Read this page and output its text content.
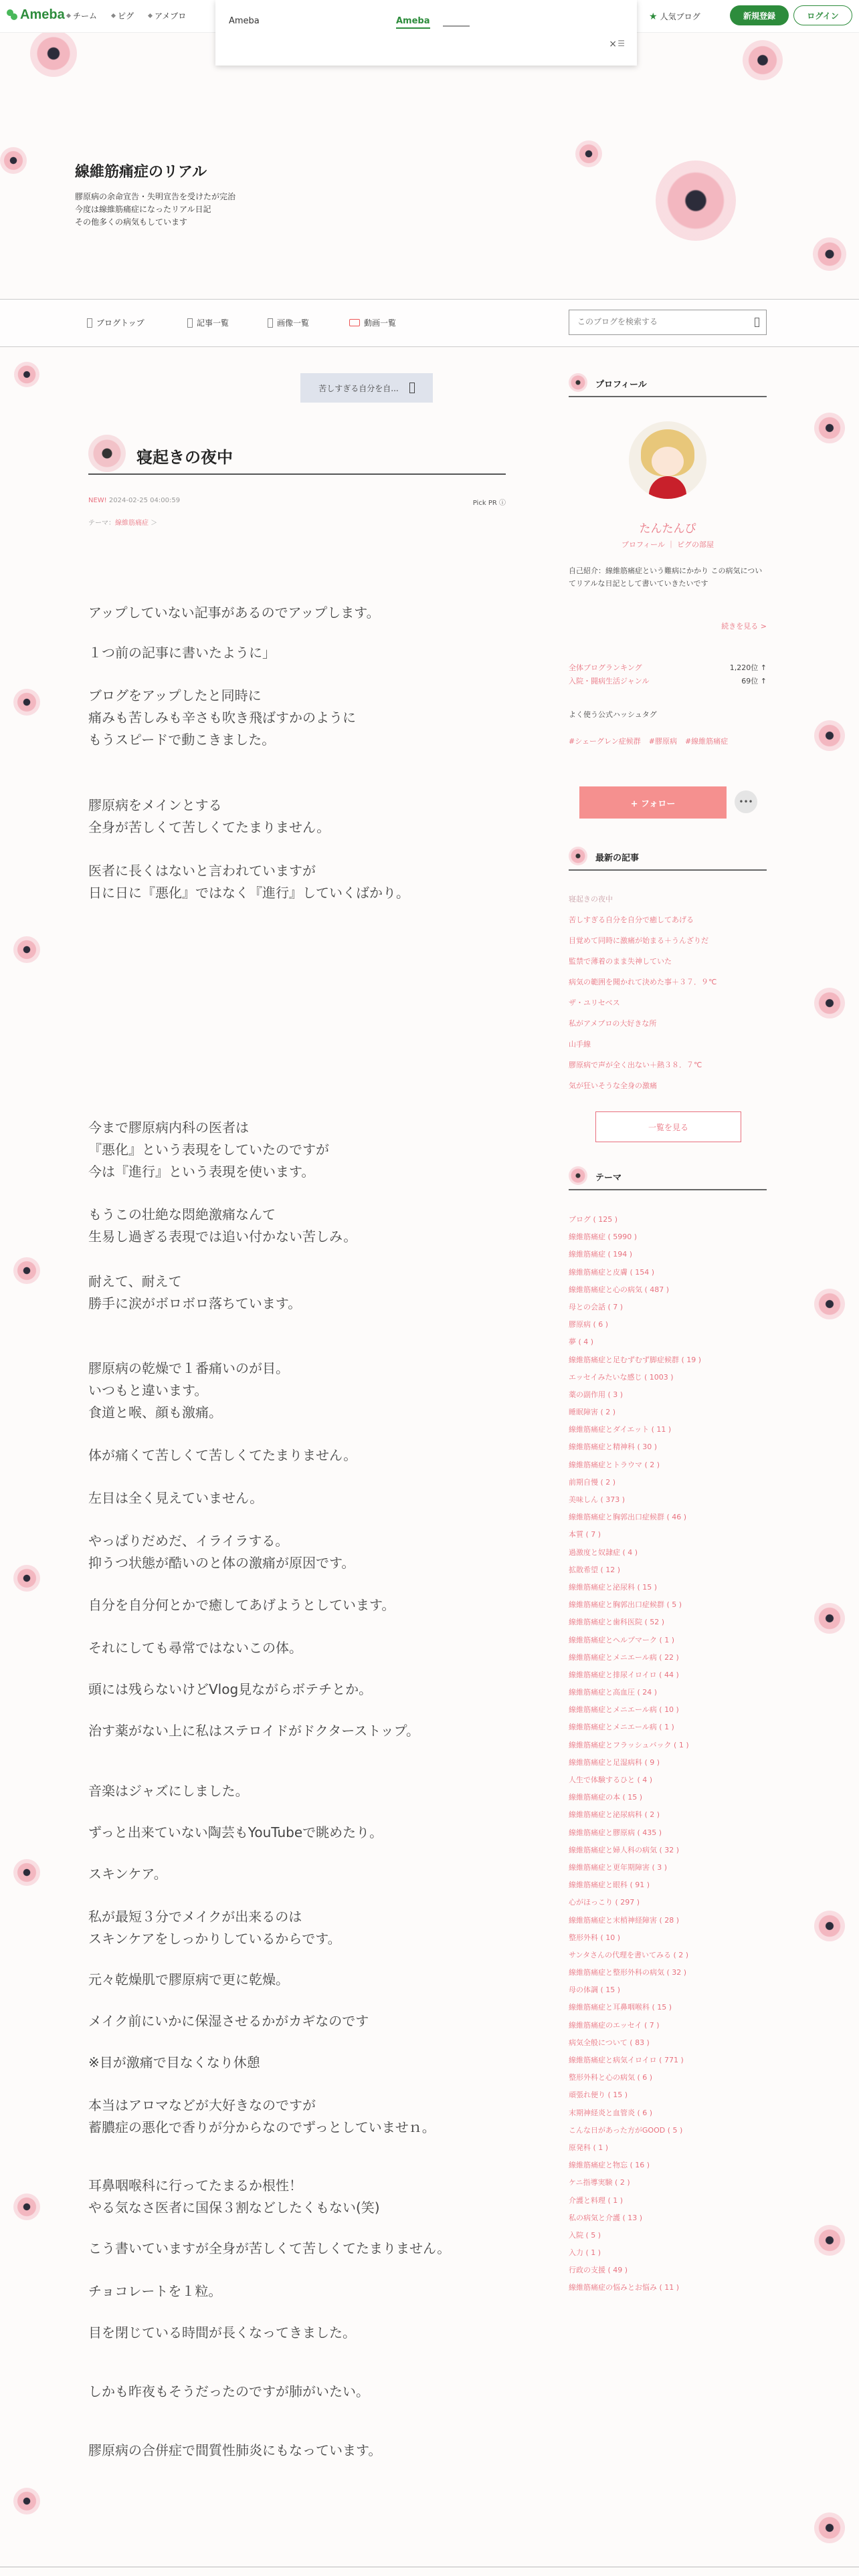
Ameba チーム	ピグ	アメブロ	★ 人気ブログ	新規登録	ログイン
Ameba	Ameba
× ☰
線維筋痛症のリアル
膠原病の余命宣告・失明宣告を受けたが完治
今度は線維筋痛症になったリアル日記
その他多くの病気もしています
ブログトップ	記事一覧	画像一覧	動画一覧
このブログを検索する
苦しすぎる自分を自...
寝起きの夜中
NEW! 2024-02-25 04:00:59	Pick PR ⓘ
テーマ：線維筋痛症 ＞

アップしていない記事があるのでアップします。

１つ前の記事に書いたように」

ブログをアップしたと同時に
痛みも苦しみも辛さも吹き飛ばすかのように
もうスピードで動こきました。

膠原病をメインとする
全身が苦しくて苦しくてたまりません。

医者に長くはないと言われていますが
日に日に『悪化』ではなく『進行』していくばかり。

今まで膠原病内科の医者は
『悪化』という表現をしていたのですが
今は『進行』という表現を使います。

もうこの壮絶な悶絶激痛なんて
生易し過ぎる表現では追い付かない苦しみ。

耐えて、耐えて
勝手に涙がボロボロ落ちています。

膠原病の乾燥で１番痛いのが目。
いつもと違います。
食道と喉、顔も激痛。

体が痛くて苦しくて苦しくてたまりません。

左目は全く見えていません。

やっぱりだめだ、イライラする。
抑うつ状態が酷いのと体の激痛が原因です。

自分を自分何とかで癒してあげようとしています。

それにしても尋常ではないこの体。

頭には残らないけどVlog見ながらボテチとか。

治す薬がない上に私はステロイドがドクターストップ。

音楽はジャズにしました。

ずっと出来ていない陶芸もYouTubeで眺めたり。

スキンケア。

私が最短３分でメイクが出来るのは
スキンケアをしっかりしているからです。

元々乾燥肌で膠原病で更に乾燥。

メイク前にいかに保湿させるかがカギなのです

※目が激痛で目なくなり休憩

本当はアロマなどが大好きなのですが
蓄膿症の悪化で香りが分からなのでずっとしていませｎ。

耳鼻咽喉科に行ってたまるか根性！
やる気なさ医者に国保３割などしたくもない(笑)

こう書いていますが全身が苦しくて苦しくてたまりません。

チョコレートを１粒。

目を閉じている時間が長くなってきました。

しかも昨夜もそうだったのですが肺がいたい。

膠原病の合併症で間質性肺炎にもなっています。

プロフィール
たんたんぴ
プロフィール ｜ ピグの部屋
自己紹介：線維筋痛症という難病にかかり この病気についてリアルな日記として書いていきたいです
続きを見る >
全体ブログランキング	1,220位 ↑
入院・闘病生活ジャンル	69位 ↑
よく使う公式ハッシュタグ
#シェーグレン症候群 #膠原病 #線維筋痛症
+ フォロー	•••
最新の記事
寝起きの夜中
苦しすぎる自分を自分で癒してあげる
目覚めて同時に激痛が始まる＋うんざりだ
監禁で薄着のまま失神していた
病気の範囲を聞かれて決めた事＋３７．９℃
ザ・ユリセベス
私がアメブロの大好きな所
山手線
膠原病で声が全く出ない＋熱３８．７℃
気が狂いそうな全身の激痛
一覧を見る
テーマ
ブログ ( 125 )
線維筋痛症 ( 5990 )
線維筋痛症 ( 194 )
線維筋痛症と皮膚 ( 154 )
線維筋痛症と心の病気 ( 487 )
母との会話 ( 7 )
膠原病 ( 6 )
夢 ( 4 )
線維筋痛症と足むずむず脚症候群 ( 19 )
エッセイみたいな感じ ( 1003 )
薬の副作用 ( 3 )
睡眠障害 ( 2 )
線維筋痛症とダイエット ( 11 )
線維筋痛症と精神科 ( 30 )
線維筋痛症とトラウマ ( 2 )
前期自慢 ( 2 )
美味しん ( 373 )
線維筋痛症と胸郭出口症候群 ( 46 )
本質 ( 7 )
過激度と奴隷症 ( 4 )
拡散希望 ( 12 )
線維筋痛症と泌尿科 ( 15 )
線維筋痛症と胸郭出口症候群 ( 5 )
線維筋痛症と歯科医院 ( 52 )
線維筋痛症とヘルプマーク ( 1 )
線維筋痛症とメニエール病 ( 22 )
線維筋痛症と排尿イロイロ ( 44 )
線維筋痛症と高血圧 ( 24 )
線維筋痛症とメニエール病 ( 10 )
線維筋痛症とメニエール病 ( 1 )
線維筋痛症とフラッシュバック ( 1 )
線維筋痛症と足湿病科 ( 9 )
人生で体験するひと ( 4 )
線維筋痛症の本 ( 15 )
線維筋痛症と泌尿病科 ( 2 )
線維筋痛症と膠原病 ( 435 )
線維筋痛症と婦人科の病気 ( 32 )
線維筋痛症と更年期障害 ( 3 )
線維筋痛症と眼科 ( 91 )
心がほっこり ( 297 )
線維筋痛症と末梢神経障害 ( 28 )
整形外科 ( 10 )
サンタさんの代理を書いてみる ( 2 )
線維筋痛症と整形外科の病気 ( 32 )
母の体調 ( 15 )
線維筋痛症と耳鼻咽喉科 ( 15 )
線維筋痛症のエッセイ ( 7 )
病気全般について ( 83 )
線維筋痛症と病気イロイロ ( 771 )
整形外科と心の病気 ( 6 )
頑張れ便り ( 15 )
末期神経炎と血管炎 ( 6 )
こんな日があった方がGOOD ( 5 )
原発科 ( 1 )
線維筋痛症と物忘 ( 16 )
ケニ指導実験 ( 2 )
介護と料理 ( 1 )
私の病気と介護 ( 13 )
入院 ( 5 )
入力 ( 1 )
行政の支援 ( 49 )
線維筋痛症の悩みとお悩み ( 11 )
